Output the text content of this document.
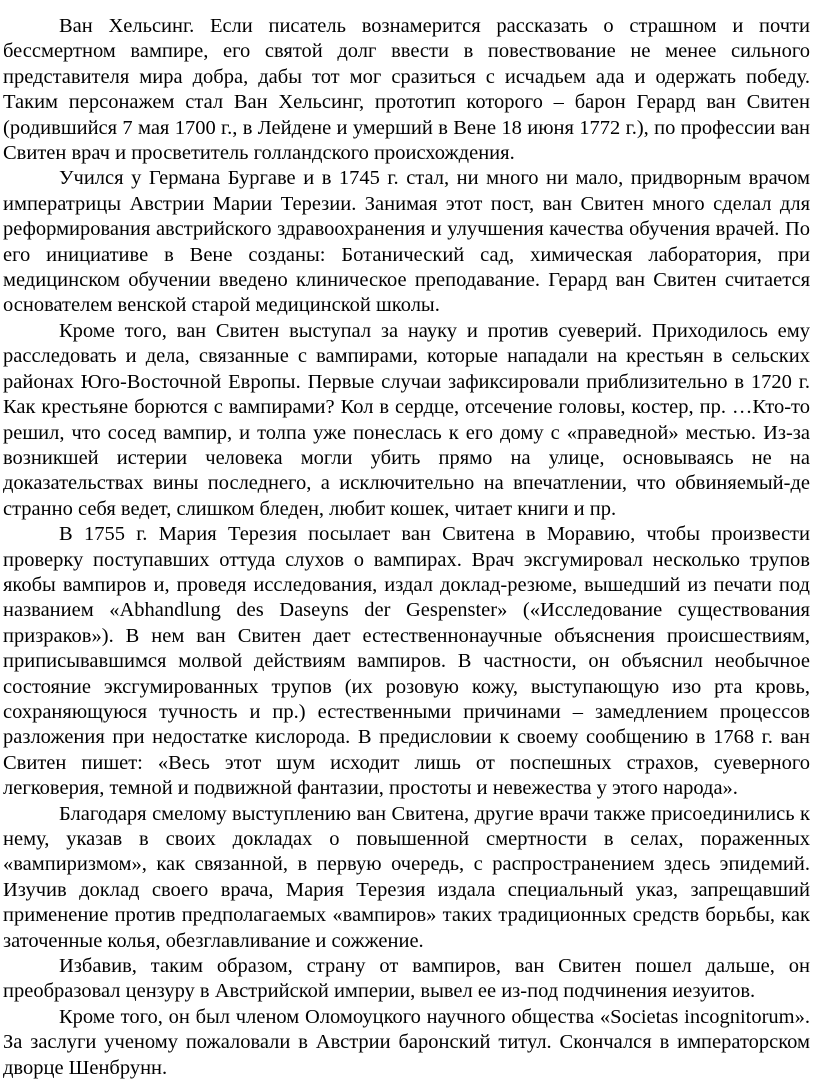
Ван Хельсинг. Если писатель вознамерится рассказать о страшном и почти бессмертном вампире, его святой долг ввести в повествование не менее сильного представителя мира добра, дабы тот мог сразиться с исчадьем ада и одержать победу. Таким персонажем стал Ван Хельсинг, прототип которого – барон Герард ван Свитен (родившийся 7 мая 1700 г., в Лейдене и умерший в Вене 18 июня 1772 г.), по профессии ван Свитен врач и просветитель голландского происхождения.

Учился у Германа Бургаве и в 1745 г. стал, ни много ни мало, придворным врачом императрицы Австрии Марии Терезии. Занимая этот пост, ван Свитен много сделал для реформирования австрийского здравоохранения и улучшения качества обучения врачей. По его инициативе в Вене созданы: Ботанический сад, химическая лаборатория, при медицинском обучении введено клиническое преподавание. Герард ван Свитен считается основателем венской старой медицинской школы.

Кроме того, ван Свитен выступал за науку и против суеверий. Приходилось ему расследовать и дела, связанные с вампирами, которые нападали на крестьян в сельских районах Юго-Восточной Европы. Первые случаи зафиксировали приблизительно в 1720 г. Как крестьяне борются с вампирами? Кол в сердце, отсечение головы, костер, пр. …Кто-то решил, что сосед вампир, и толпа уже понеслась к его дому с «праведной» местью. Из-за возникшей истерии человека могли убить прямо на улице, основываясь не на доказательствах вины последнего, а исключительно на впечатлении, что обвиняемый-де странно себя ведет, слишком бледен, любит кошек, читает книги и пр.

В 1755 г. Мария Терезия посылает ван Свитена в Моравию, чтобы произвести проверку поступавших оттуда слухов о вампирах. Врач эксгумировал несколько трупов якобы вампиров и, проведя исследования, издал доклад-резюме, вышедший из печати под названием «Abhandlung des Daseyns der Gespenster» («Исследование существования призраков»). В нем ван Свитен дает естественнонаучные объяснения происшествиям, приписывавшимся молвой действиям вампиров. В частности, он объяснил необычное состояние эксгумированных трупов (их розовую кожу, выступающую изо рта кровь, сохраняющуюся тучность и пр.) естественными причинами – замедлением процессов разложения при недостатке кислорода. В предисловии к своему сообщению в 1768 г. ван Свитен пишет: «Весь этот шум исходит лишь от поспешных страхов, суеверного легковерия, темной и подвижной фантазии, простоты и невежества у этого народа».

Благодаря смелому выступлению ван Свитена, другие врачи также присоединились к нему, указав в своих докладах о повышенной смертности в селах, пораженных «вампиризмом», как связанной, в первую очередь, с распространением здесь эпидемий. Изучив доклад своего врача, Мария Терезия издала специальный указ, запрещавший применение против предполагаемых «вампиров» таких традиционных средств борьбы, как заточенные колья, обезглавливание и сожжение.

Избавив, таким образом, страну от вампиров, ван Свитен пошел дальше, он преобразовал цензуру в Австрийской империи, вывел ее из-под подчинения иезуитов.

Кроме того, он был членом Оломоуцкого научного общества «Societas incognitorum». За заслуги ученому пожаловали в Австрии баронский титул. Скончался в императорском дворце Шенбрунн.
